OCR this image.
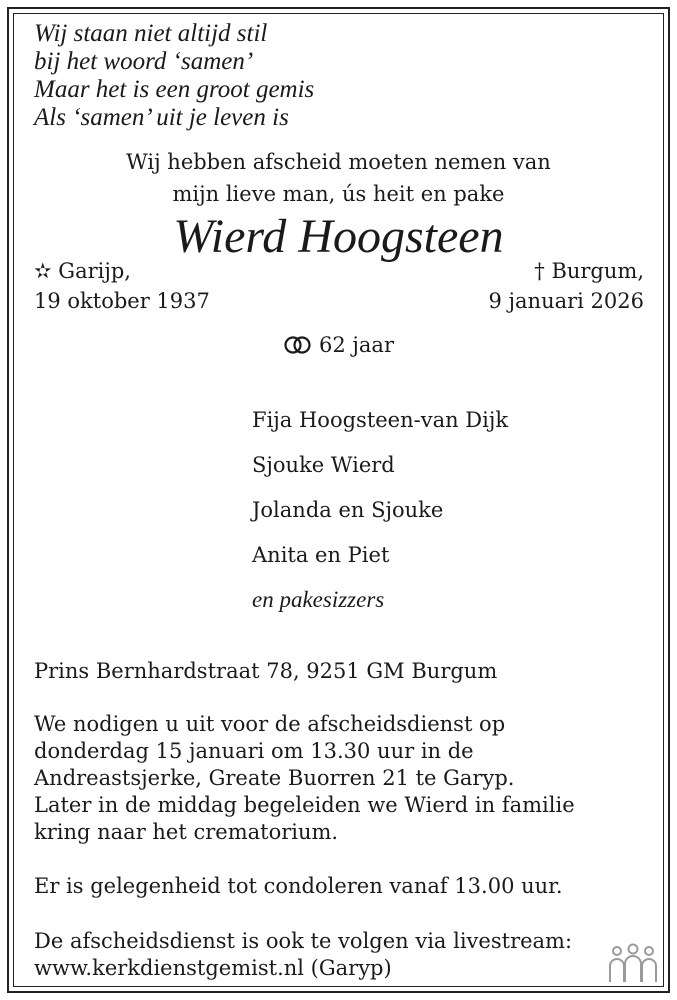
Wij staan niet altijd stil
bij het woord ‘samen’
Maar het is een groot gemis
Als ‘samen’ uit je leven is
Wij hebben afscheid moeten nemen van
mijn lieve man, ús heit en pake
Wierd Hoogsteen
✫ Garijp,
19 oktober 1937
† Burgum,
9 januari 2026
62 jaar
Fija Hoogsteen-van Dijk
Sjouke Wierd
Jolanda en Sjouke
Anita en Piet
en pakesizzers
Prins Bernhardstraat 78, 9251 GM Burgum
We nodigen u uit voor de afscheidsdienst op
donderdag 15 januari om 13.30 uur in de
Andreastsjerke, Greate Buorren 21 te Garyp.
Later in de middag begeleiden we Wierd in familie
kring naar het crematorium.
Er is gelegenheid tot condoleren vanaf 13.00 uur.
De afscheidsdienst is ook te volgen via livestream:
www.kerkdienstgemist.nl (Garyp)
